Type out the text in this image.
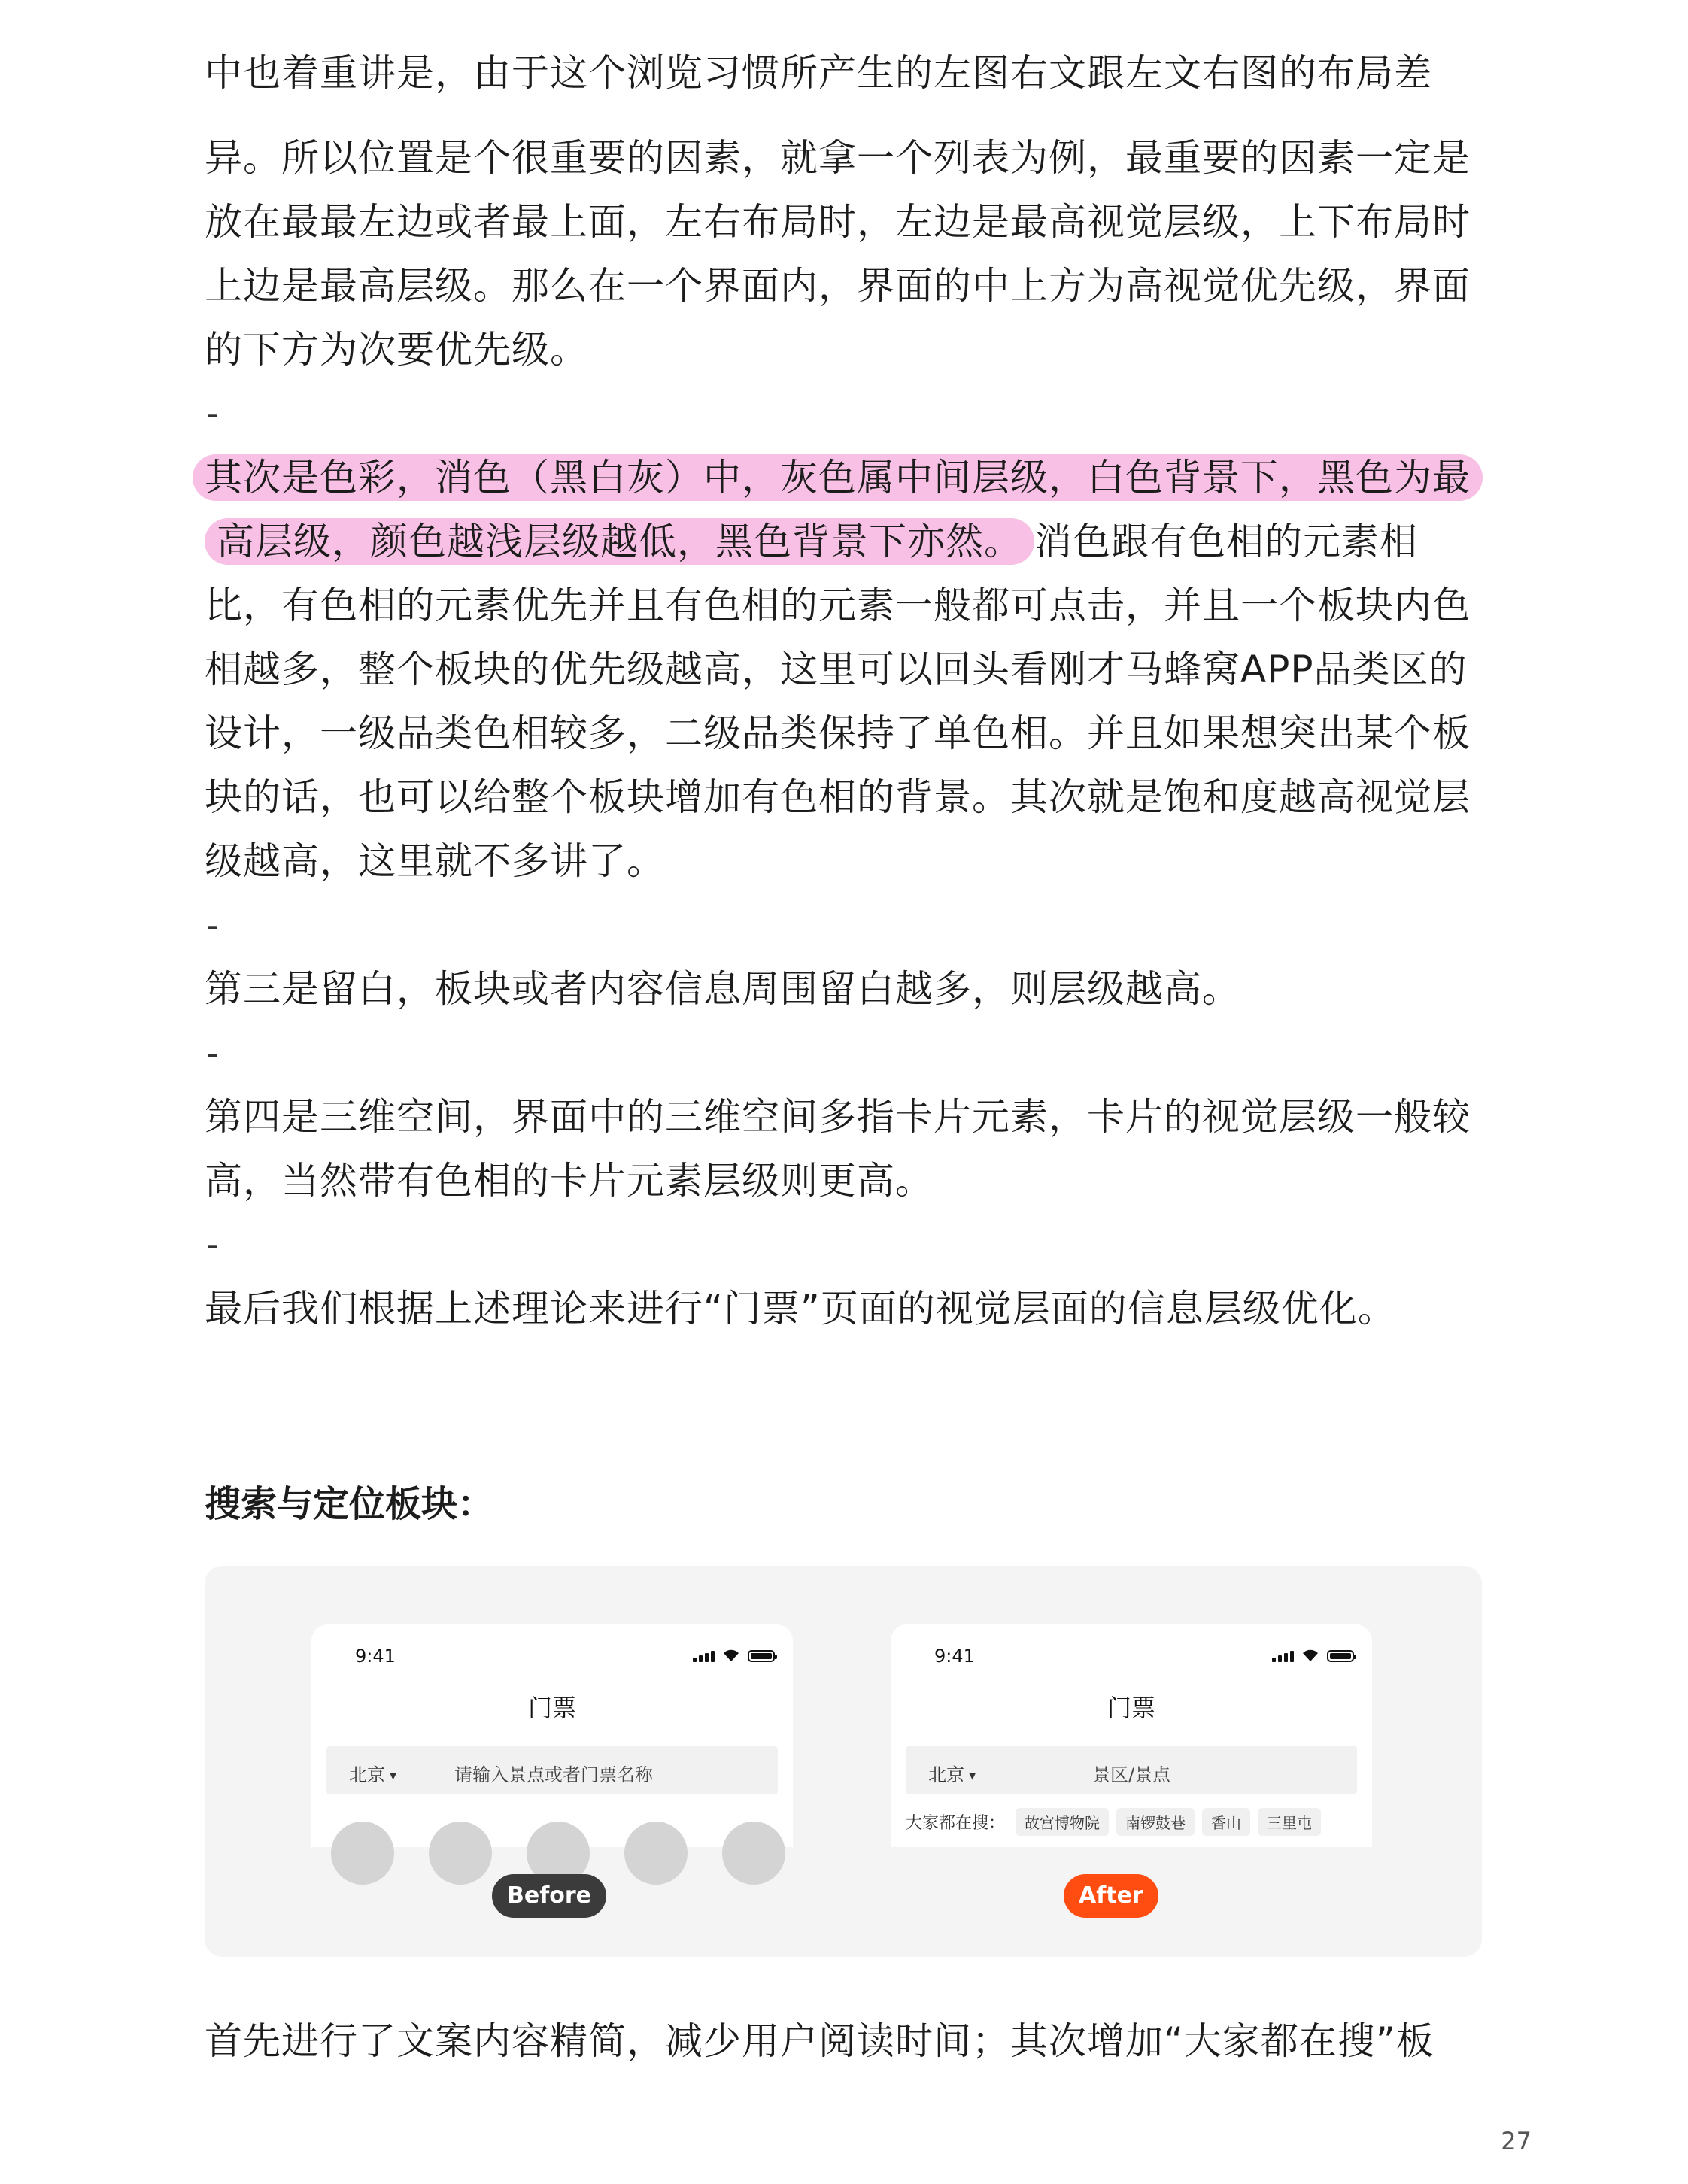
中也着重讲是，由于这个浏览习惯所产生的左图右文跟左文右图的布局差

异。所以位置是个很重要的因素，就拿一个列表为例，最重要的因素一定是放在最最左边或者最上面，左右布局时，左边是最高视觉层级，上下布局时上边是最高层级。那么在一个界面内，界面的中上方为高视觉优先级，界面的下方为次要优先级。

-

其次是色彩，消色（黑白灰）中，灰色属中间层级，白色背景下，黑色为最
高层级，颜色越浅层级越低，黑色背景下亦然。 消色跟有色相的元素相比，有色相的元素优先并且有色相的元素一般都可点击，并且一个板块内色相越多，整个板块的优先级越高，这里可以回头看刚才马蜂窝APP品类区的设计，一级品类色相较多，二级品类保持了单色相。并且如果想突出某个板块的话，也可以给整个板块增加有色相的背景。其次就是饱和度越高视觉层级越高，这里就不多讲了。

-

第三是留白，板块或者内容信息周围留白越多，则层级越高。

-

第四是三维空间，界面中的三维空间多指卡片元素，卡片的视觉层级一般较高，当然带有色相的卡片元素层级则更高。

-

最后我们根据上述理论来进行“门票”页面的视觉层面的信息层级优化。

搜索与定位板块：
9:41
门票
北京 ▼	请输入景点或者门票名称
9:41
门票
北京 ▼	景区/景点
大家都在搜：	故宫博物院	南锣鼓巷	香山	三里屯
Before	After

首先进行了文案内容精简，减少用户阅读时间；其次增加“大家都在搜”板

27
